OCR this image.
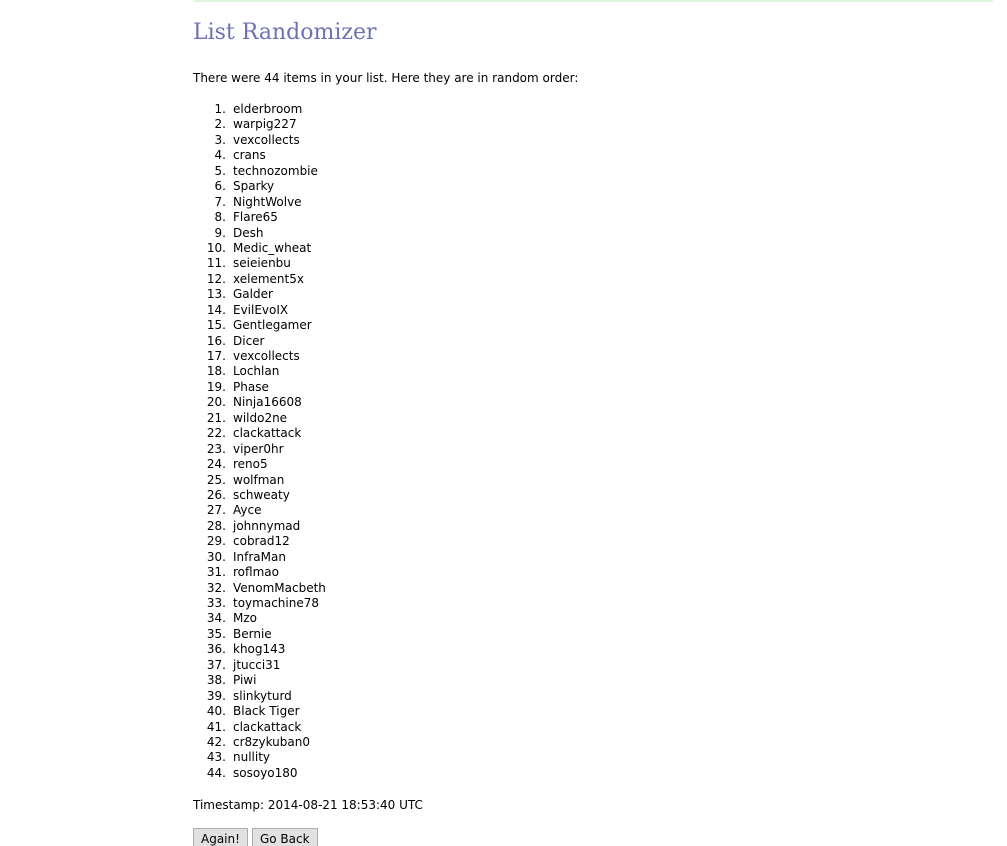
List Randomizer
There were 44 items in your list. Here they are in random order:
1. elderbroom
2. warpig227
3. vexcollects
4. crans
5. technozombie
6. Sparky
7. NightWolve
8. Flare65
9. Desh
10. Medic_wheat
11. seieienbu
12. xelement5x
13. Galder
14. EvilEvoIX
15. Gentlegamer
16. Dicer
17. vexcollects
18. Lochlan
19. Phase
20. Ninja16608
21. wildo2ne
22. clackattack
23. viper0hr
24. reno5
25. wolfman
26. schweaty
27. Ayce
28. johnnymad
29. cobrad12
30. InfraMan
31. roflmao
32. VenomMacbeth
33. toymachine78
34. Mzo
35. Bernie
36. khog143
37. jtucci31
38. Piwi
39. slinkyturd
40. Black Tiger
41. clackattack
42. cr8zykuban0
43. nullity
44. sosoyo180
Timestamp: 2014-08-21 18:53:40 UTC
Again!	Go Back
